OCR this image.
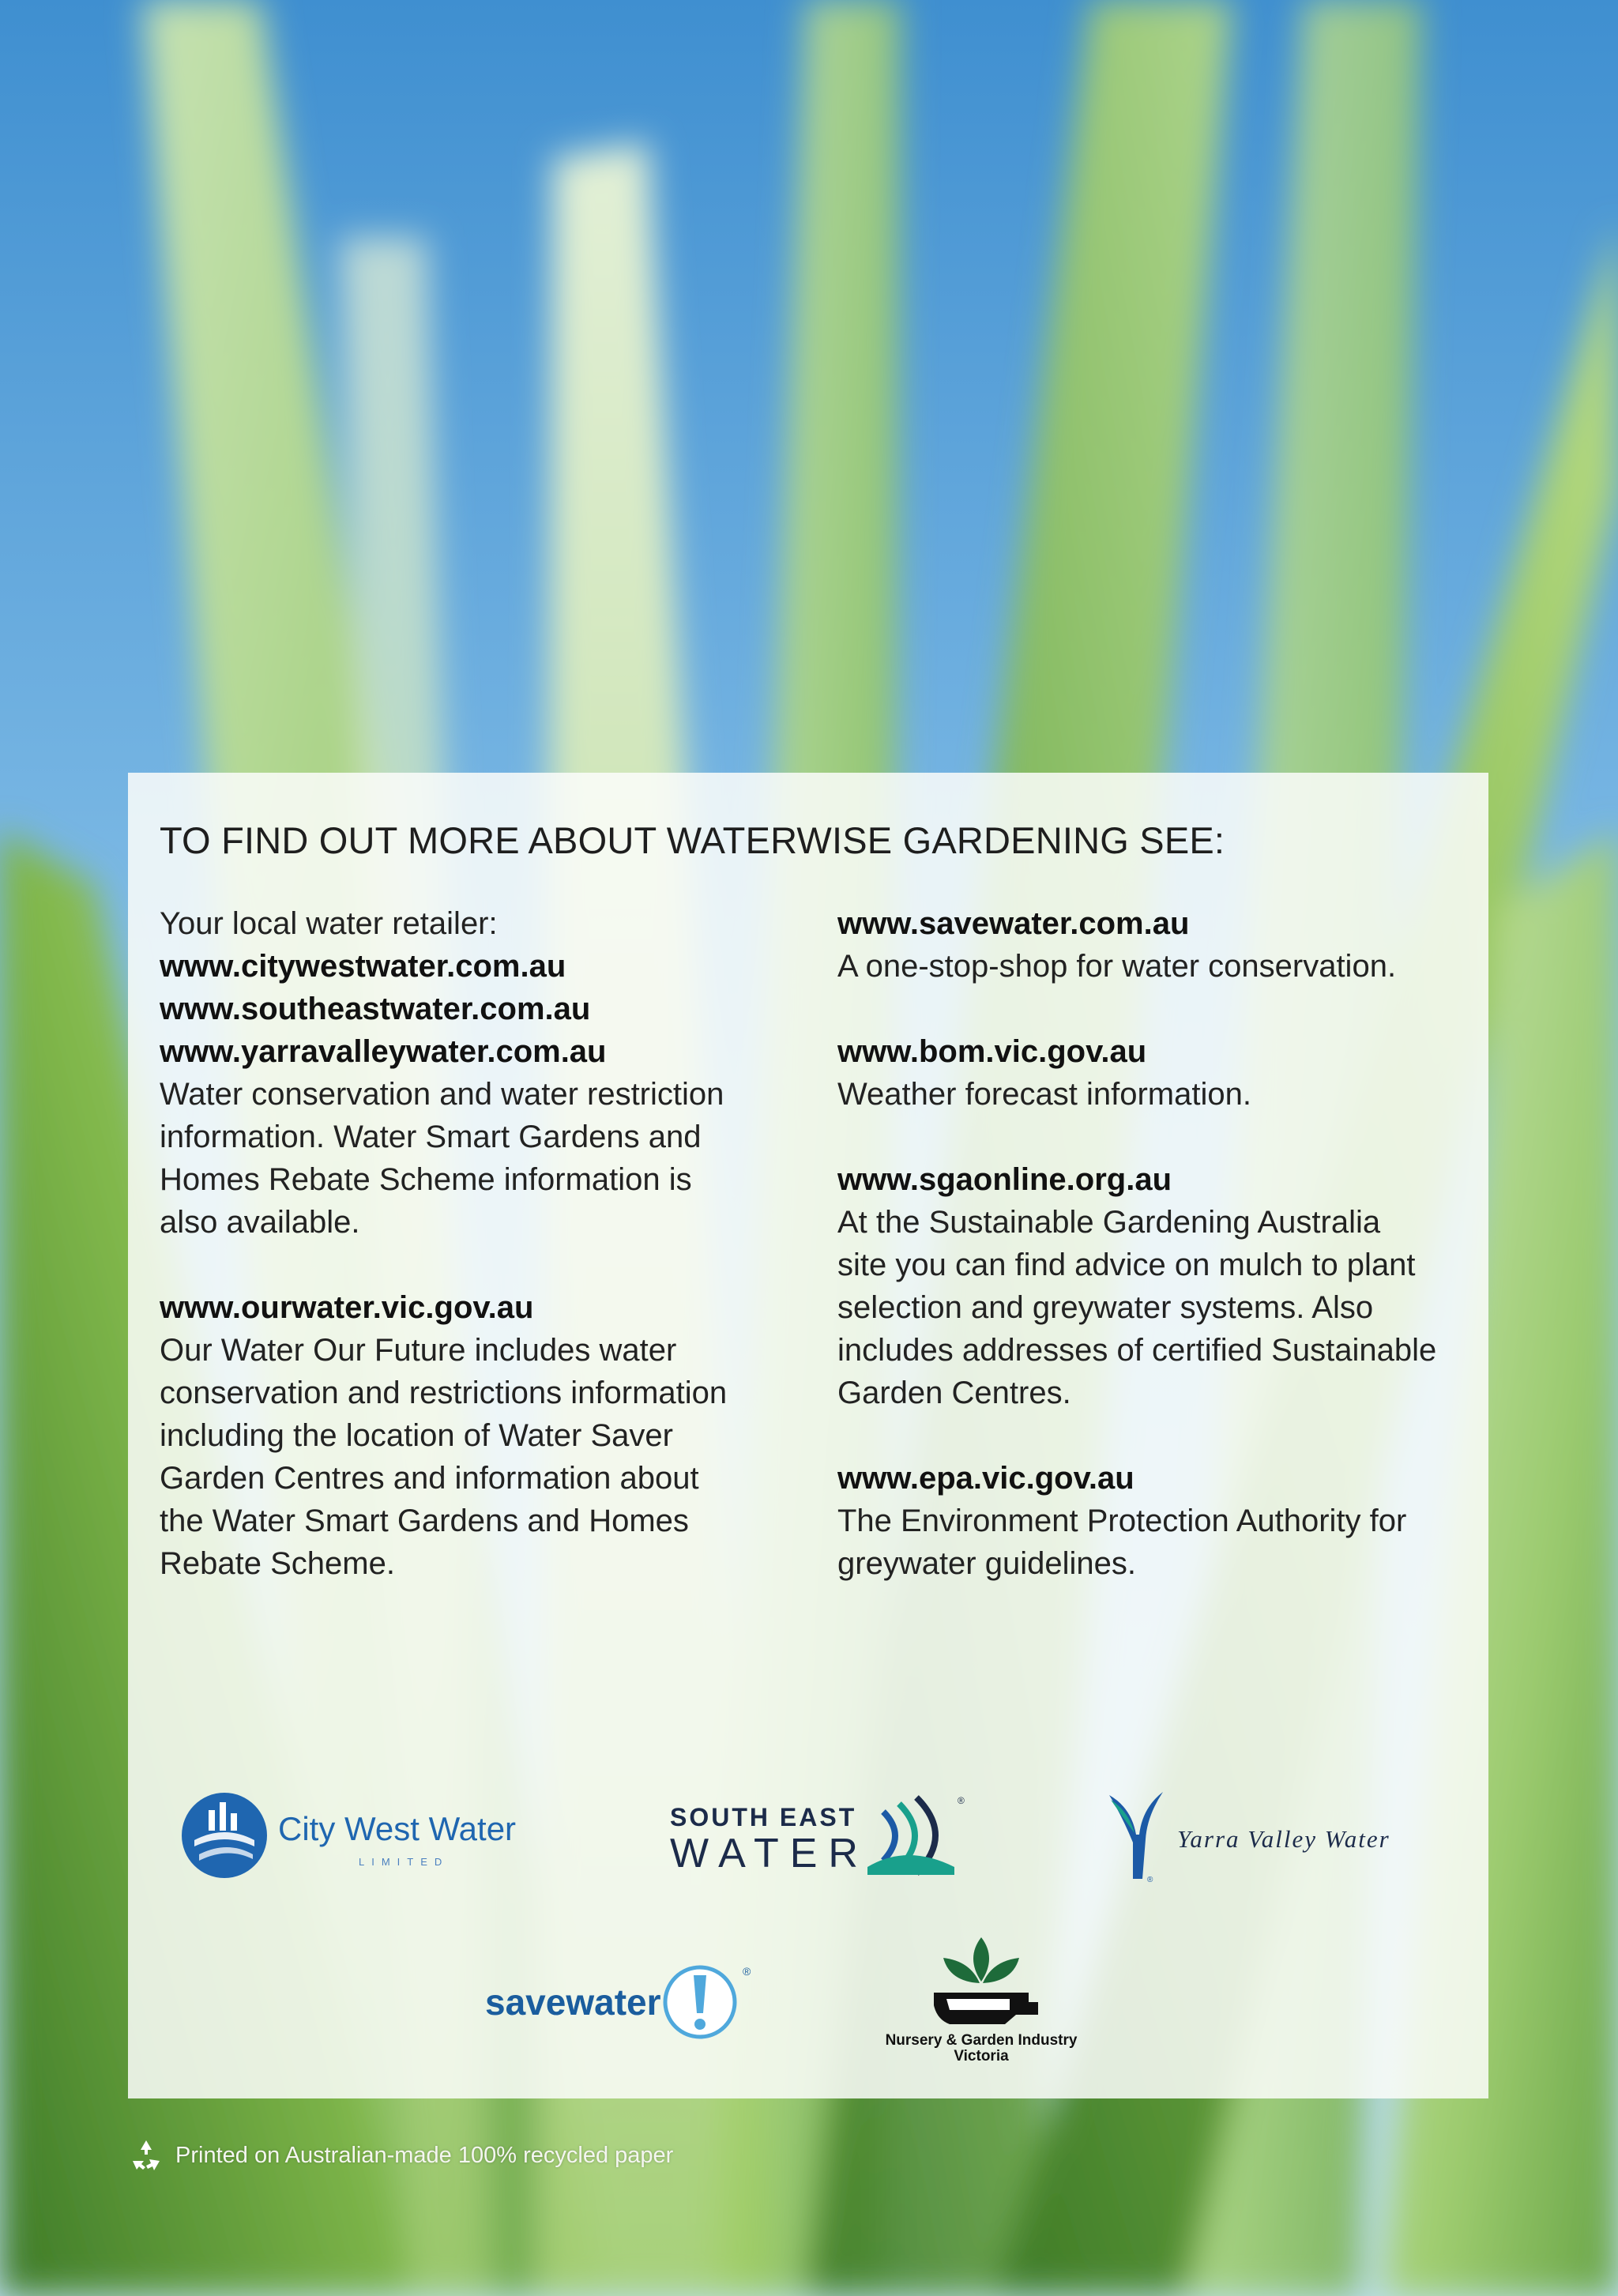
TO FIND OUT MORE ABOUT WATERWISE GARDENING SEE:
Your local water retailer:
www.citywestwater.com.au
www.southeastwater.com.au
www.yarravalleywater.com.au
Water conservation and water restriction
information. Water Smart Gardens and
Homes Rebate Scheme information is
also available.
www.ourwater.vic.gov.au
Our Water Our Future includes water
conservation and restrictions information
including the location of Water Saver
Garden Centres and information about
the Water Smart Gardens and Homes
Rebate Scheme.
www.savewater.com.au
A one-stop-shop for water conservation.
www.bom.vic.gov.au
Weather forecast information.
www.sgaonline.org.au
At the Sustainable Gardening Australia
site you can find advice on mulch to plant
selection and greywater systems. Also
includes addresses of certified Sustainable
Garden Centres.
www.epa.vic.gov.au
The Environment Protection Authority for
greywater guidelines.
City West Water
LIMITED
SOUTH EAST
WATER
®
®
Yarra Valley Water
savewater
®
Nursery & Garden Industry
Victoria
Printed on Australian-made 100% recycled paper
